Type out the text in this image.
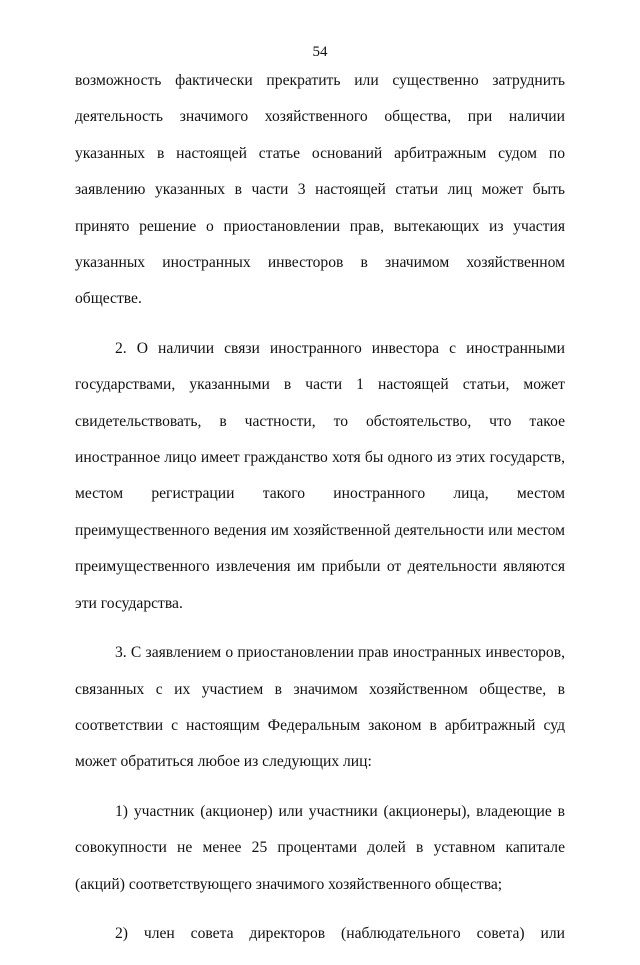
54

возможность фактически прекратить или существенно затруднить деятельность значимого хозяйственного общества, при наличии указанных в настоящей статье оснований арбитражным судом по заявлению указанных в части 3 настоящей статьи лиц может быть принято решение о приостановлении прав, вытекающих из участия указанных иностранных инвесторов в значимом хозяйственном обществе.

2. О наличии связи иностранного инвестора с иностранными государствами, указанными в части 1 настоящей статьи, может свидетельствовать, в частности, то обстоятельство, что такое иностранное лицо имеет гражданство хотя бы одного из этих государств, местом регистрации такого иностранного лица, местом преимущественного ведения им хозяйственной деятельности или местом преимущественного извлечения им прибыли от деятельности являются эти государства.

3. С заявлением о приостановлении прав иностранных инвесторов, связанных с их участием в значимом хозяйственном обществе, в соответствии с настоящим Федеральным законом в арбитражный суд может обратиться любое из следующих лиц:

1) участник (акционер) или участники (акционеры), владеющие в совокупности не менее 25 процентами долей в уставном капитале (акций) соответствующего значимого хозяйственного общества;

2) член совета директоров (наблюдательного совета) или
